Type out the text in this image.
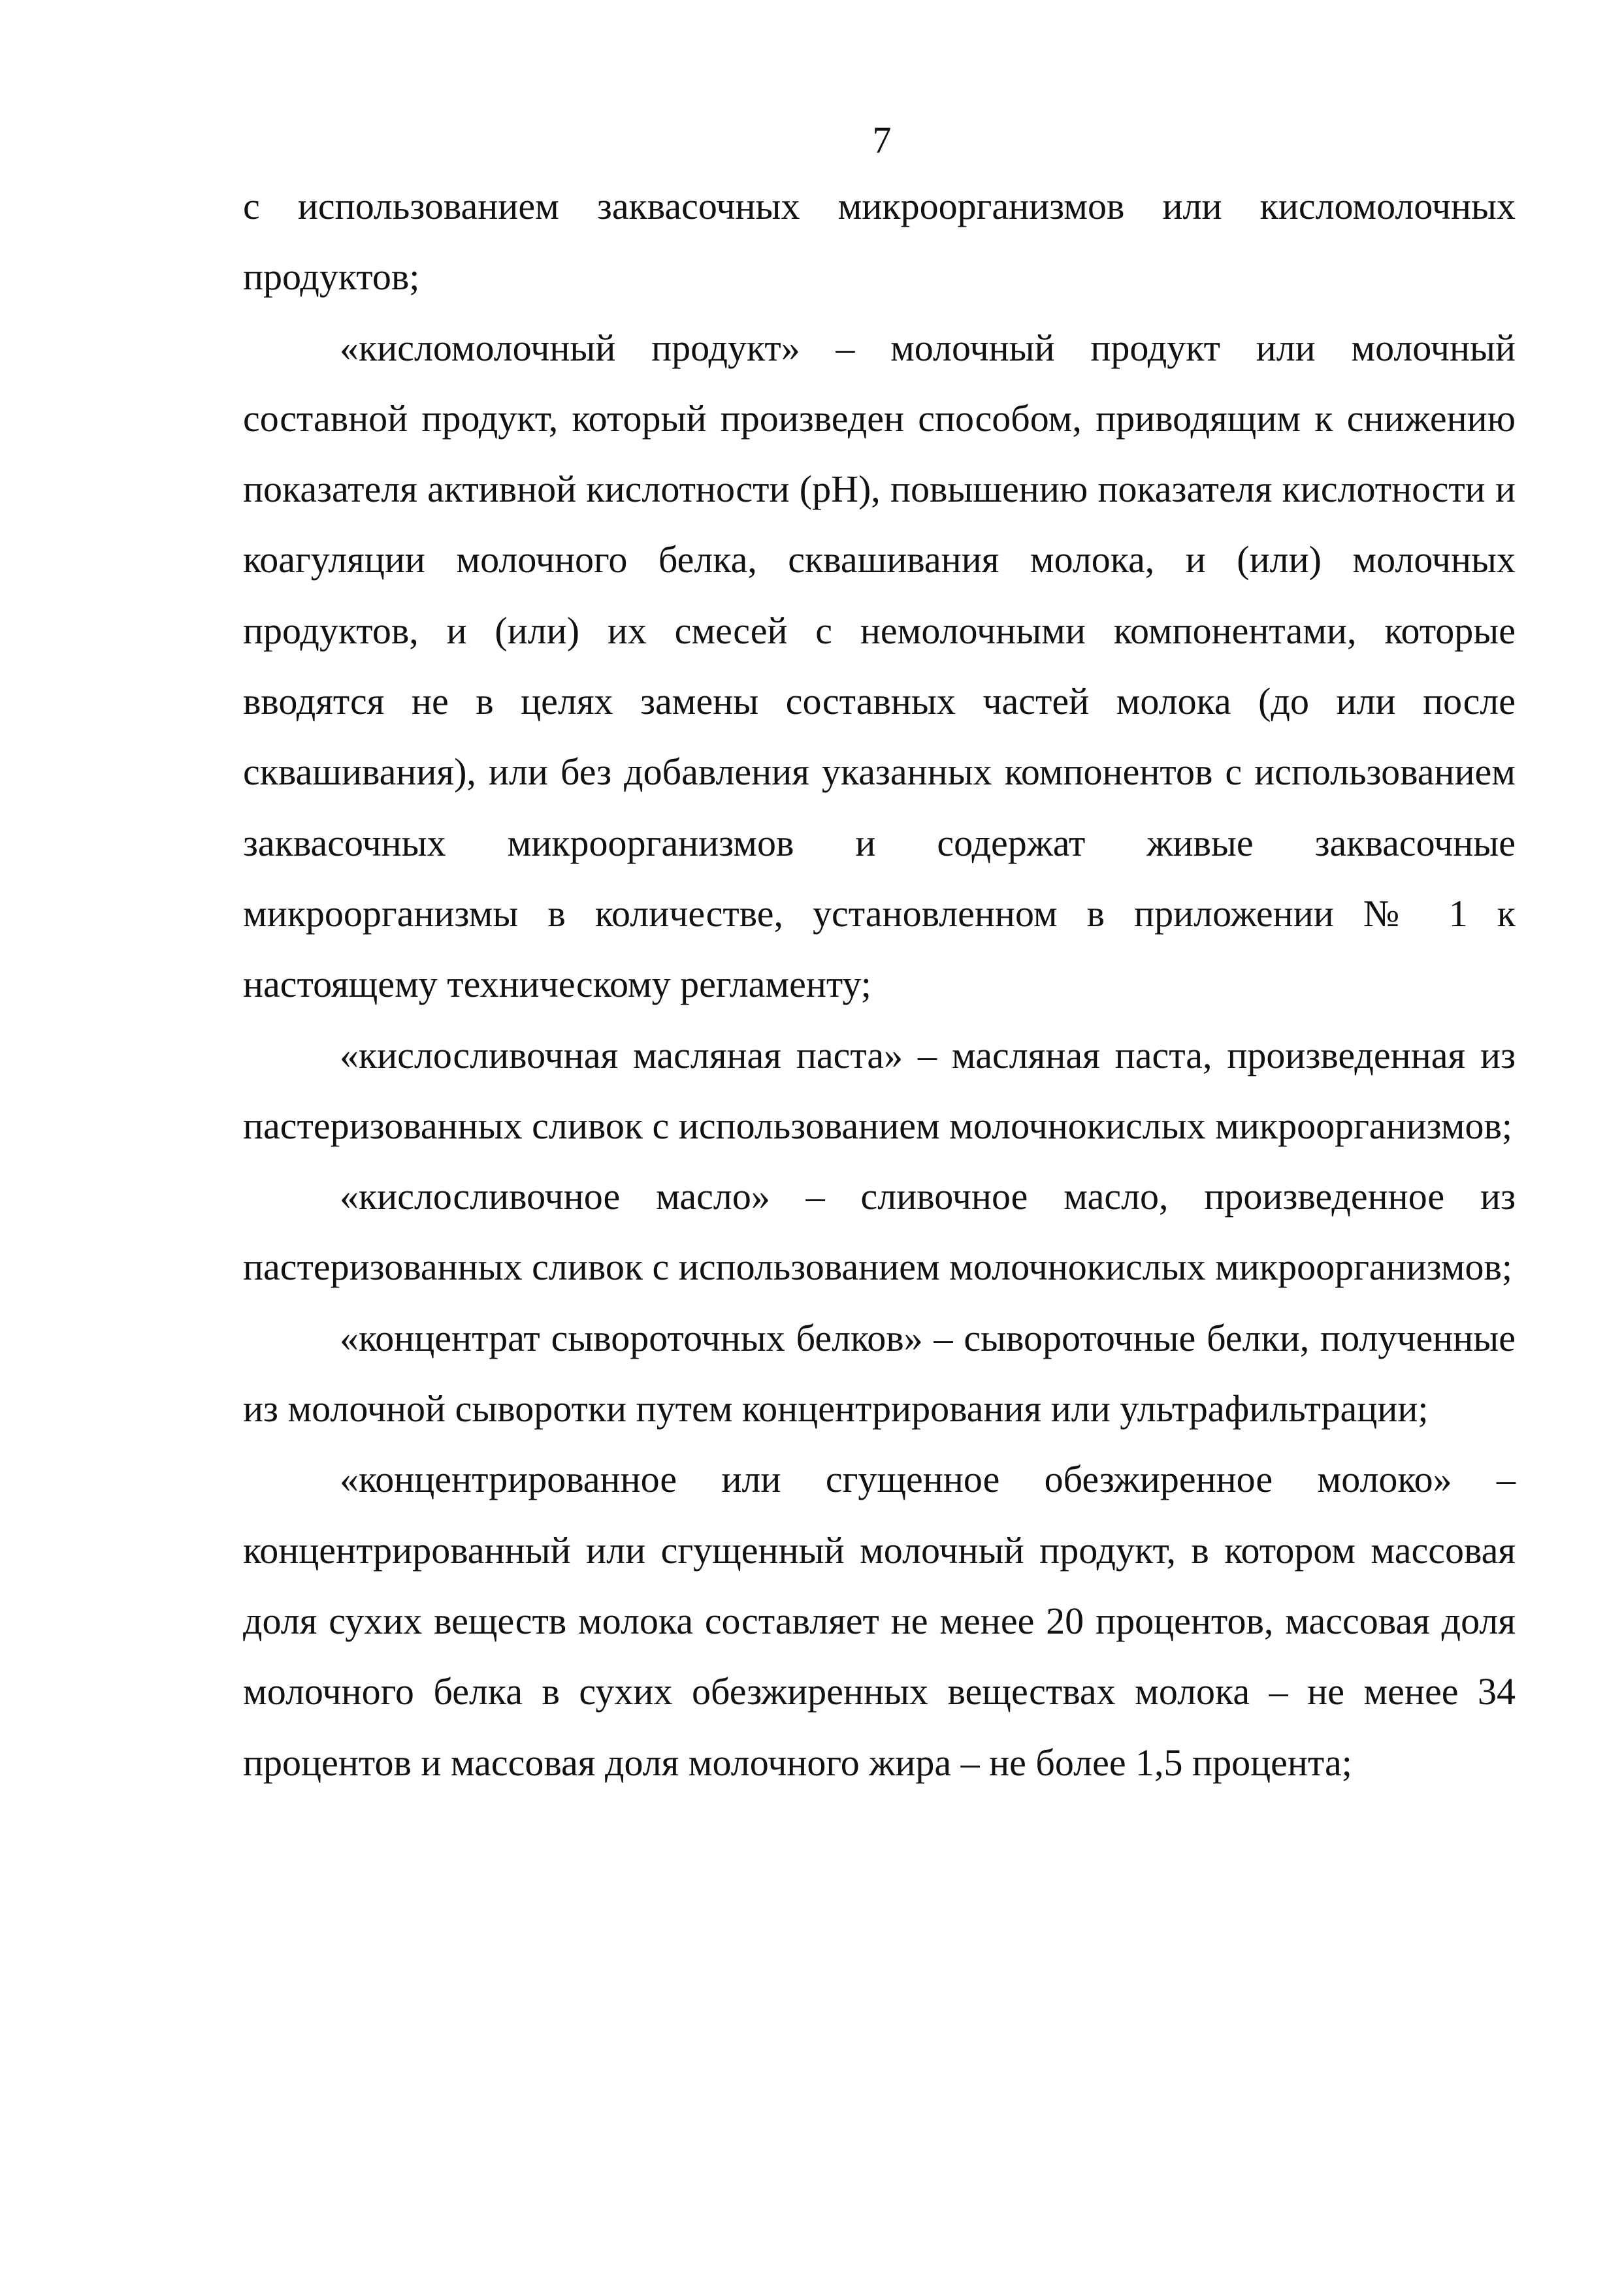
7

с использованием заквасочных микроорганизмов или кисломолочных продуктов;

«кисломолочный продукт» – молочный продукт или молочный составной продукт, который произведен способом, приводящим к снижению показателя активной кислотности (pH), повышению показателя кислотности и коагуляции молочного белка, сквашивания молока, и (или) молочных продуктов, и (или) их смесей с немолочными компонентами, которые вводятся не в целях замены составных частей молока (до или после сквашивания), или без добавления указанных компонентов с использованием заквасочных микроорганизмов и содержат живые заквасочные микроорганизмы в количестве, установленном в приложении № 1 к настоящему техническому регламенту;

«кислосливочная масляная паста» – масляная паста, произведенная из пастеризованных сливок с использованием молочнокислых микроорганизмов;

«кислосливочное масло» – сливочное масло, произведенное из пастеризованных сливок с использованием молочнокислых микроорганизмов;

«концентрат сывороточных белков» – сывороточные белки, полученные из молочной сыворотки путем концентрирования или ультрафильтрации;

«концентрированное или сгущенное обезжиренное молоко» – концентрированный или сгущенный молочный продукт, в котором массовая доля сухих веществ молока составляет не менее 20 процентов, массовая доля молочного белка в сухих обезжиренных веществах молока – не менее 34 процентов и массовая доля молочного жира – не более 1,5 процента;
